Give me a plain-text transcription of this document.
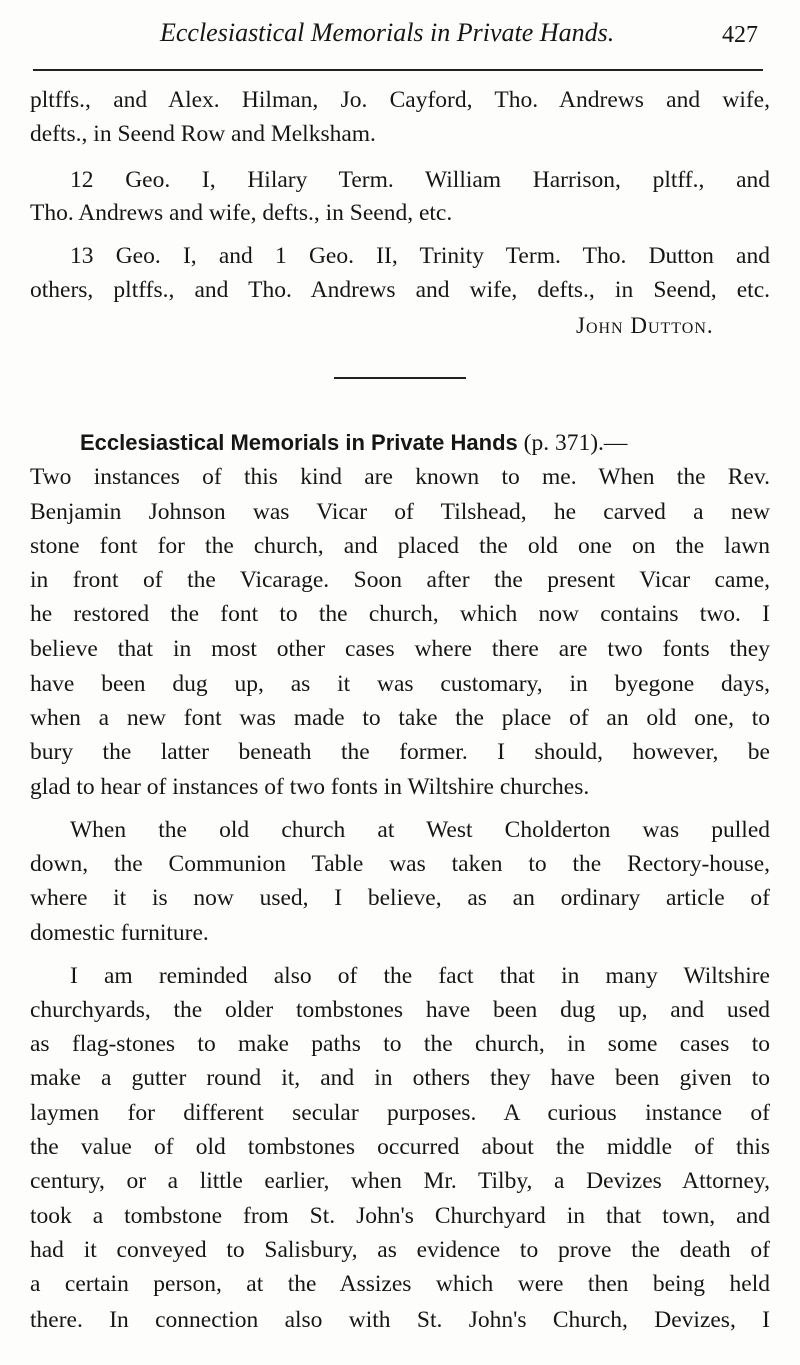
Ecclesiastical Memorials in Private Hands.	427
pltffs., and Alex. Hilman, Jo. Cayford, Tho. Andrews and wife,
defts., in Seend Row and Melksham.
12 Geo. I, Hilary Term. William Harrison, pltff., and
Tho. Andrews and wife, defts., in Seend, etc.
13 Geo. I, and 1 Geo. II, Trinity Term. Tho. Dutton and
others, pltffs., and Tho. Andrews and wife, defts., in Seend, etc.
John Dutton.
Ecclesiastical Memorials in Private Hands (p. 371).—
Two instances of this kind are known to me. When the Rev.
Benjamin Johnson was Vicar of Tilshead, he carved a new
stone font for the church, and placed the old one on the lawn
in front of the Vicarage. Soon after the present Vicar came,
he restored the font to the church, which now contains two. I
believe that in most other cases where there are two fonts they
have been dug up, as it was customary, in byegone days,
when a new font was made to take the place of an old one, to
bury the latter beneath the former. I should, however, be
glad to hear of instances of two fonts in Wiltshire churches.
When the old church at West Cholderton was pulled
down, the Communion Table was taken to the Rectory-house,
where it is now used, I believe, as an ordinary article of
domestic furniture.
I am reminded also of the fact that in many Wiltshire
churchyards, the older tombstones have been dug up, and used
as flag-stones to make paths to the church, in some cases to
make a gutter round it, and in others they have been given to
laymen for different secular purposes. A curious instance of
the value of old tombstones occurred about the middle of this
century, or a little earlier, when Mr. Tilby, a Devizes Attorney,
took a tombstone from St. John's Churchyard in that town, and
had it conveyed to Salisbury, as evidence to prove the death of
a certain person, at the Assizes which were then being held
there. In connection also with St. John's Church, Devizes, I
